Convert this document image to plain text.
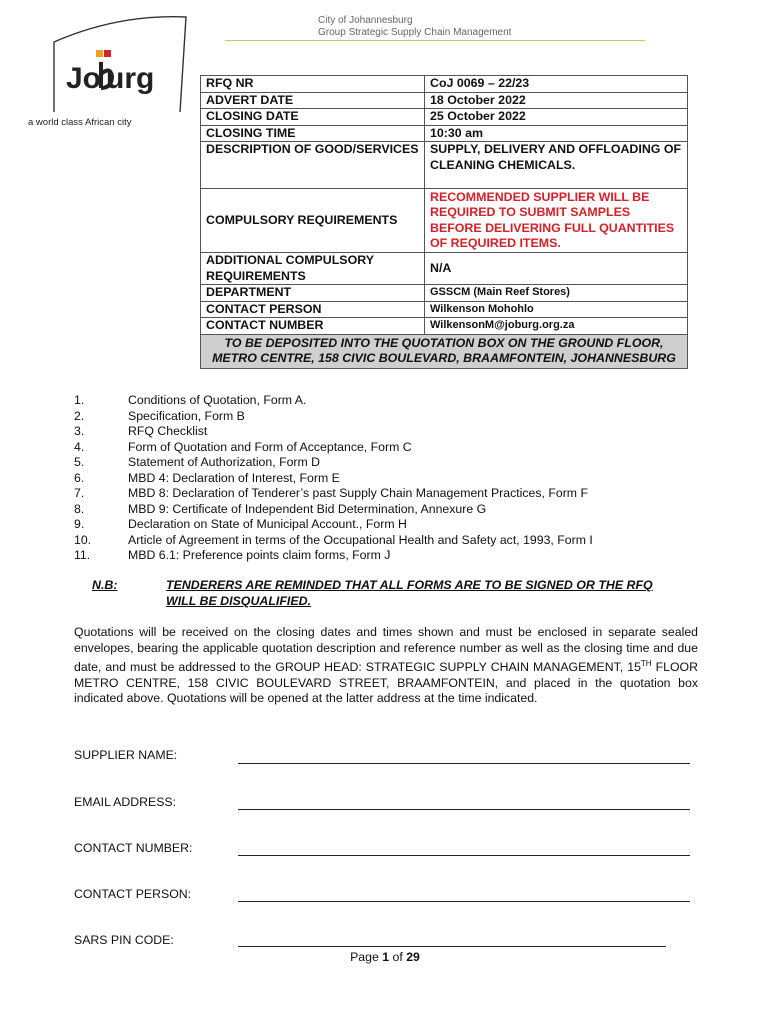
City of Johannesburg
Group Strategic Supply Chain Management
Jo urg
a world class African city
RFQ NR	CoJ 0069 – 22/23
ADVERT DATE	18 October 2022
CLOSING DATE	25 October 2022
CLOSING TIME	10:30 am
DESCRIPTION OF GOOD/SERVICES	SUPPLY, DELIVERY AND OFFLOADING OF CLEANING CHEMICALS.
COMPULSORY REQUIREMENTS	RECOMMENDED SUPPLIER WILL BE REQUIRED TO SUBMIT SAMPLES BEFORE DELIVERING FULL QUANTITIES OF REQUIRED ITEMS.
ADDITIONAL COMPULSORY REQUIREMENTS	N/A
DEPARTMENT	GSSCM (Main Reef Stores)
CONTACT PERSON	Wilkenson Mohohlo
CONTACT NUMBER	WilkensonM@joburg.org.za
TO BE DEPOSITED INTO THE QUOTATION BOX ON THE GROUND FLOOR, METRO CENTRE, 158 CIVIC BOULEVARD, BRAAMFONTEIN, JOHANNESBURG	
1.	Conditions of Quotation, Form A.
2.	Specification, Form B
3.	RFQ Checklist
4.	Form of Quotation and Form of Acceptance, Form C
5.	Statement of Authorization, Form D
6.	MBD 4: Declaration of Interest, Form E
7.	MBD 8: Declaration of Tenderer’s past Supply Chain Management Practices, Form F
8.	MBD 9: Certificate of Independent Bid Determination, Annexure G
9.	Declaration on State of Municipal Account., Form H
10.	Article of Agreement in terms of the Occupational Health and Safety act, 1993, Form I
11.	MBD 6.1: Preference points claim forms, Form J
N.B:	TENDERERS ARE REMINDED THAT ALL FORMS ARE TO BE SIGNED OR THE RFQ WILL BE DISQUALIFIED.
Quotations will be received on the closing dates and times shown and must be enclosed in separate sealed envelopes, bearing the applicable quotation description and reference number as well as the closing time and due date, and must be addressed to the GROUP HEAD: STRATEGIC SUPPLY CHAIN MANAGEMENT, 15TH FLOOR METRO CENTRE, 158 CIVIC BOULEVARD STREET, BRAAMFONTEIN, and placed in the quotation box indicated above. Quotations will be opened at the latter address at the time indicated.
SUPPLIER NAME:
EMAIL ADDRESS:
CONTACT NUMBER:
CONTACT PERSON:
SARS PIN CODE:
Page 1 of 29
